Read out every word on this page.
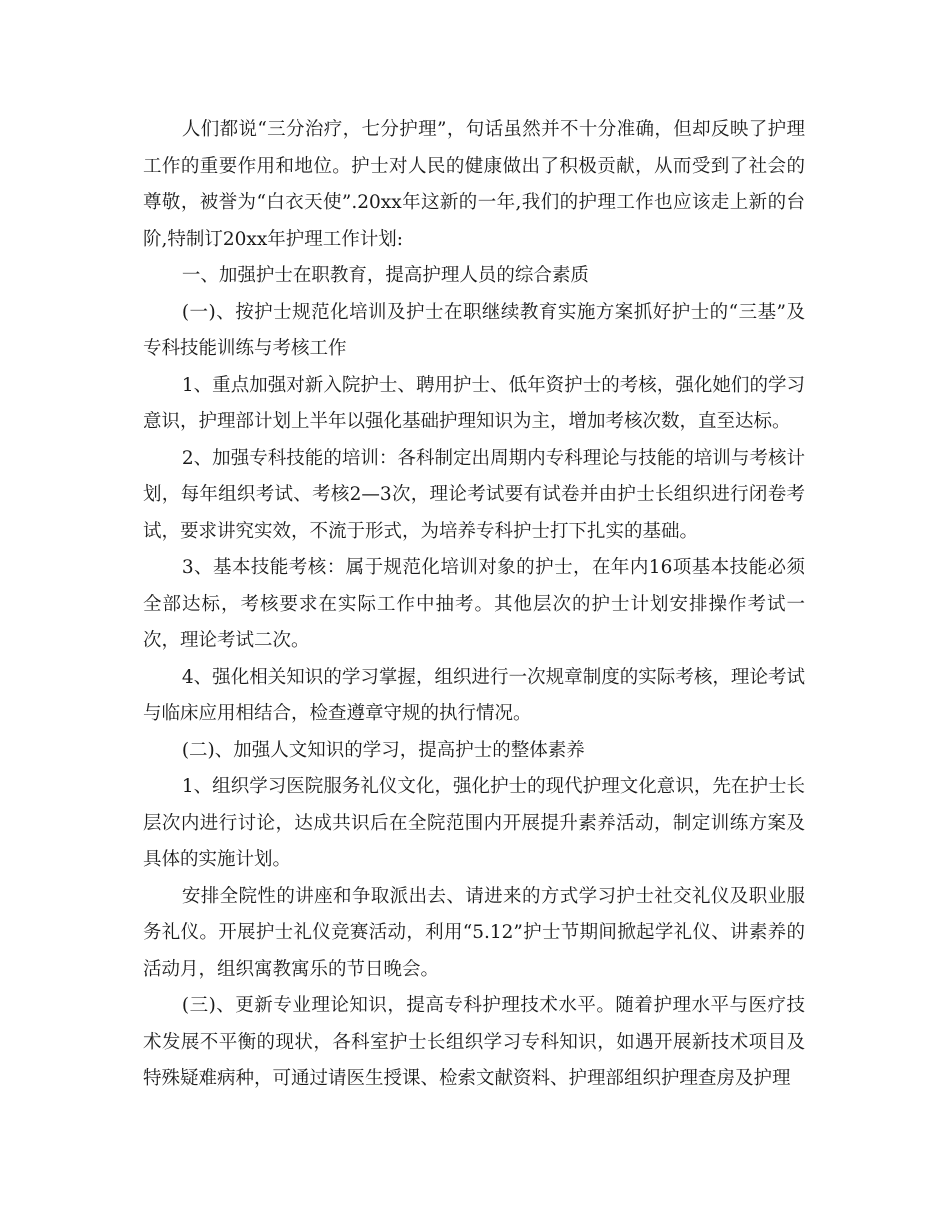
人们都说“三分治疗，七分护理”，句话虽然并不十分准确，但却反映了护理工作的重要作用和地位。护士对人民的健康做出了积极贡献，从而受到了社会的尊敬，被誉为“白衣天使”.20xx年这新的一年,我们的护理工作也应该走上新的台阶,特制订20xx年护理工作计划:

一、加强护士在职教育，提高护理人员的综合素质

(一)、按护士规范化培训及护士在职继续教育实施方案抓好护士的“三基”及专科技能训练与考核工作

1、重点加强对新入院护士、聘用护士、低年资护士的考核，强化她们的学习意识，护理部计划上半年以强化基础护理知识为主，增加考核次数，直至达标。

2、加强专科技能的培训：各科制定出周期内专科理论与技能的培训与考核计划，每年组织考试、考核2—3次，理论考试要有试卷并由护士长组织进行闭卷考试，要求讲究实效，不流于形式，为培养专科护士打下扎实的基础。

3、基本技能考核：属于规范化培训对象的护士，在年内16项基本技能必须全部达标，考核要求在实际工作中抽考。其他层次的护士计划安排操作考试一次，理论考试二次。

4、强化相关知识的学习掌握，组织进行一次规章制度的实际考核，理论考试与临床应用相结合，检查遵章守规的执行情况。

(二)、加强人文知识的学习，提高护士的整体素养

1、组织学习医院服务礼仪文化，强化护士的现代护理文化意识，先在护士长层次内进行讨论，达成共识后在全院范围内开展提升素养活动，制定训练方案及具体的实施计划。

安排全院性的讲座和争取派出去、请进来的方式学习护士社交礼仪及职业服务礼仪。开展护士礼仪竞赛活动，利用“5.12”护士节期间掀起学礼仪、讲素养的活动月，组织寓教寓乐的节日晚会。

(三)、更新专业理论知识，提高专科护理技术水平。随着护理水平与医疗技术发展不平衡的现状，各科室护士长组织学习专科知识，如遇开展新技术项目及特殊疑难病种，可通过请医生授课、检索文献资料、护理部组织护理查房及护理
